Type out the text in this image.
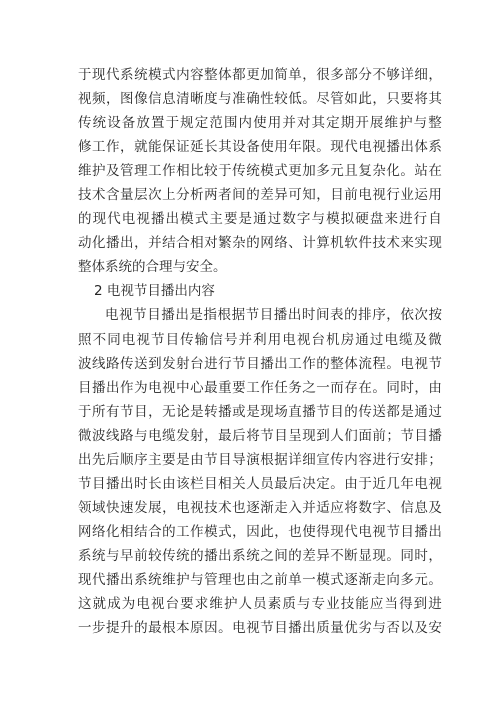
于 现 代 系 统 模 式 内 容 整 体 都 更 加 简 单 ， 很 多 部 分 不 够 详 细 ，
视 频 ， 图 像 信 息 清 晰 度 与 准 确 性 较 低 。 尽 管 如 此 ， 只 要 将 其
传 统 设 备 放 置 于 规 定 范 围 内 使 用 并 对 其 定 期 开 展 维 护 与 整
修 工 作 ， 就 能 保 证 延 长 其 设 备 使 用 年 限 。 现 代 电 视 播 出 体 系
维 护 及 管 理 工 作 相 比 较 于 传 统 模 式 更 加 多 元 且 复 杂 化 。 站 在
技 术 含 量 层 次 上 分 析 两 者 间 的 差 异 可 知 ， 目 前 电 视 行 业 运 用
的 现 代 电 视 播 出 模 式 主 要 是 通 过 数 字 与 模 拟 硬 盘 来 进 行 自
动 化 播 出 ， 并 结 合 相 对 繁 杂 的 网 络 、 计 算 机 软 件 技 术 来 实 现
整体系统的合理与安全。
2 电视节目播出内容
电 视 节 目 播 出 是 指 根 据 节 目 播 出 时 间 表 的 排 序 ， 依 次 按
照 不 同 电 视 节 目 传 输 信 号 并 利 用 电 视 台 机 房 通 过 电 缆 及 微
波 线 路 传 送 到 发 射 台 进 行 节 目 播 出 工 作 的 整 体 流 程 。 电 视 节
目 播 出 作 为 电 视 中 心 最 重 要 工 作 任 务 之 一 而 存 在 。 同 时 ， 由
于 所 有 节 目 ， 无 论 是 转 播 或 是 现 场 直 播 节 目 的 传 送 都 是 通 过
微 波 线 路 与 电 缆 发 射 ， 最 后 将 节 目 呈 现 到 人 们 面 前 ； 节 目 播
出 先 后 顺 序 主 要 是 由 节 目 导 演 根 据 详 细 宣 传 内 容 进 行 安 排 ；
节 目 播 出 时 长 由 该 栏 目 相 关 人 员 最 后 决 定 。 由 于 近 几 年 电 视
领 域 快 速 发 展 ， 电 视 技 术 也 逐 渐 走 入 并 适 应 将 数 字 、 信 息 及
网 络 化 相 结 合 的 工 作 模 式 ， 因 此 ， 也 使 得 现 代 电 视 节 目 播 出
系 统 与 早 前 较 传 统 的 播 出 系 统 之 间 的 差 异 不 断 显 现 。 同 时 ，
现 代 播 出 系 统 维 护 与 管 理 也 由 之 前 单 一 模 式 逐 渐 走 向 多 元 。
这 就 成 为 电 视 台 要 求 维 护 人 员 素 质 与 专 业 技 能 应 当 得 到 进
一 步 提 升 的 最 根 本 原 因 。 电 视 节 目 播 出 质 量 优 劣 与 否 以 及 安
